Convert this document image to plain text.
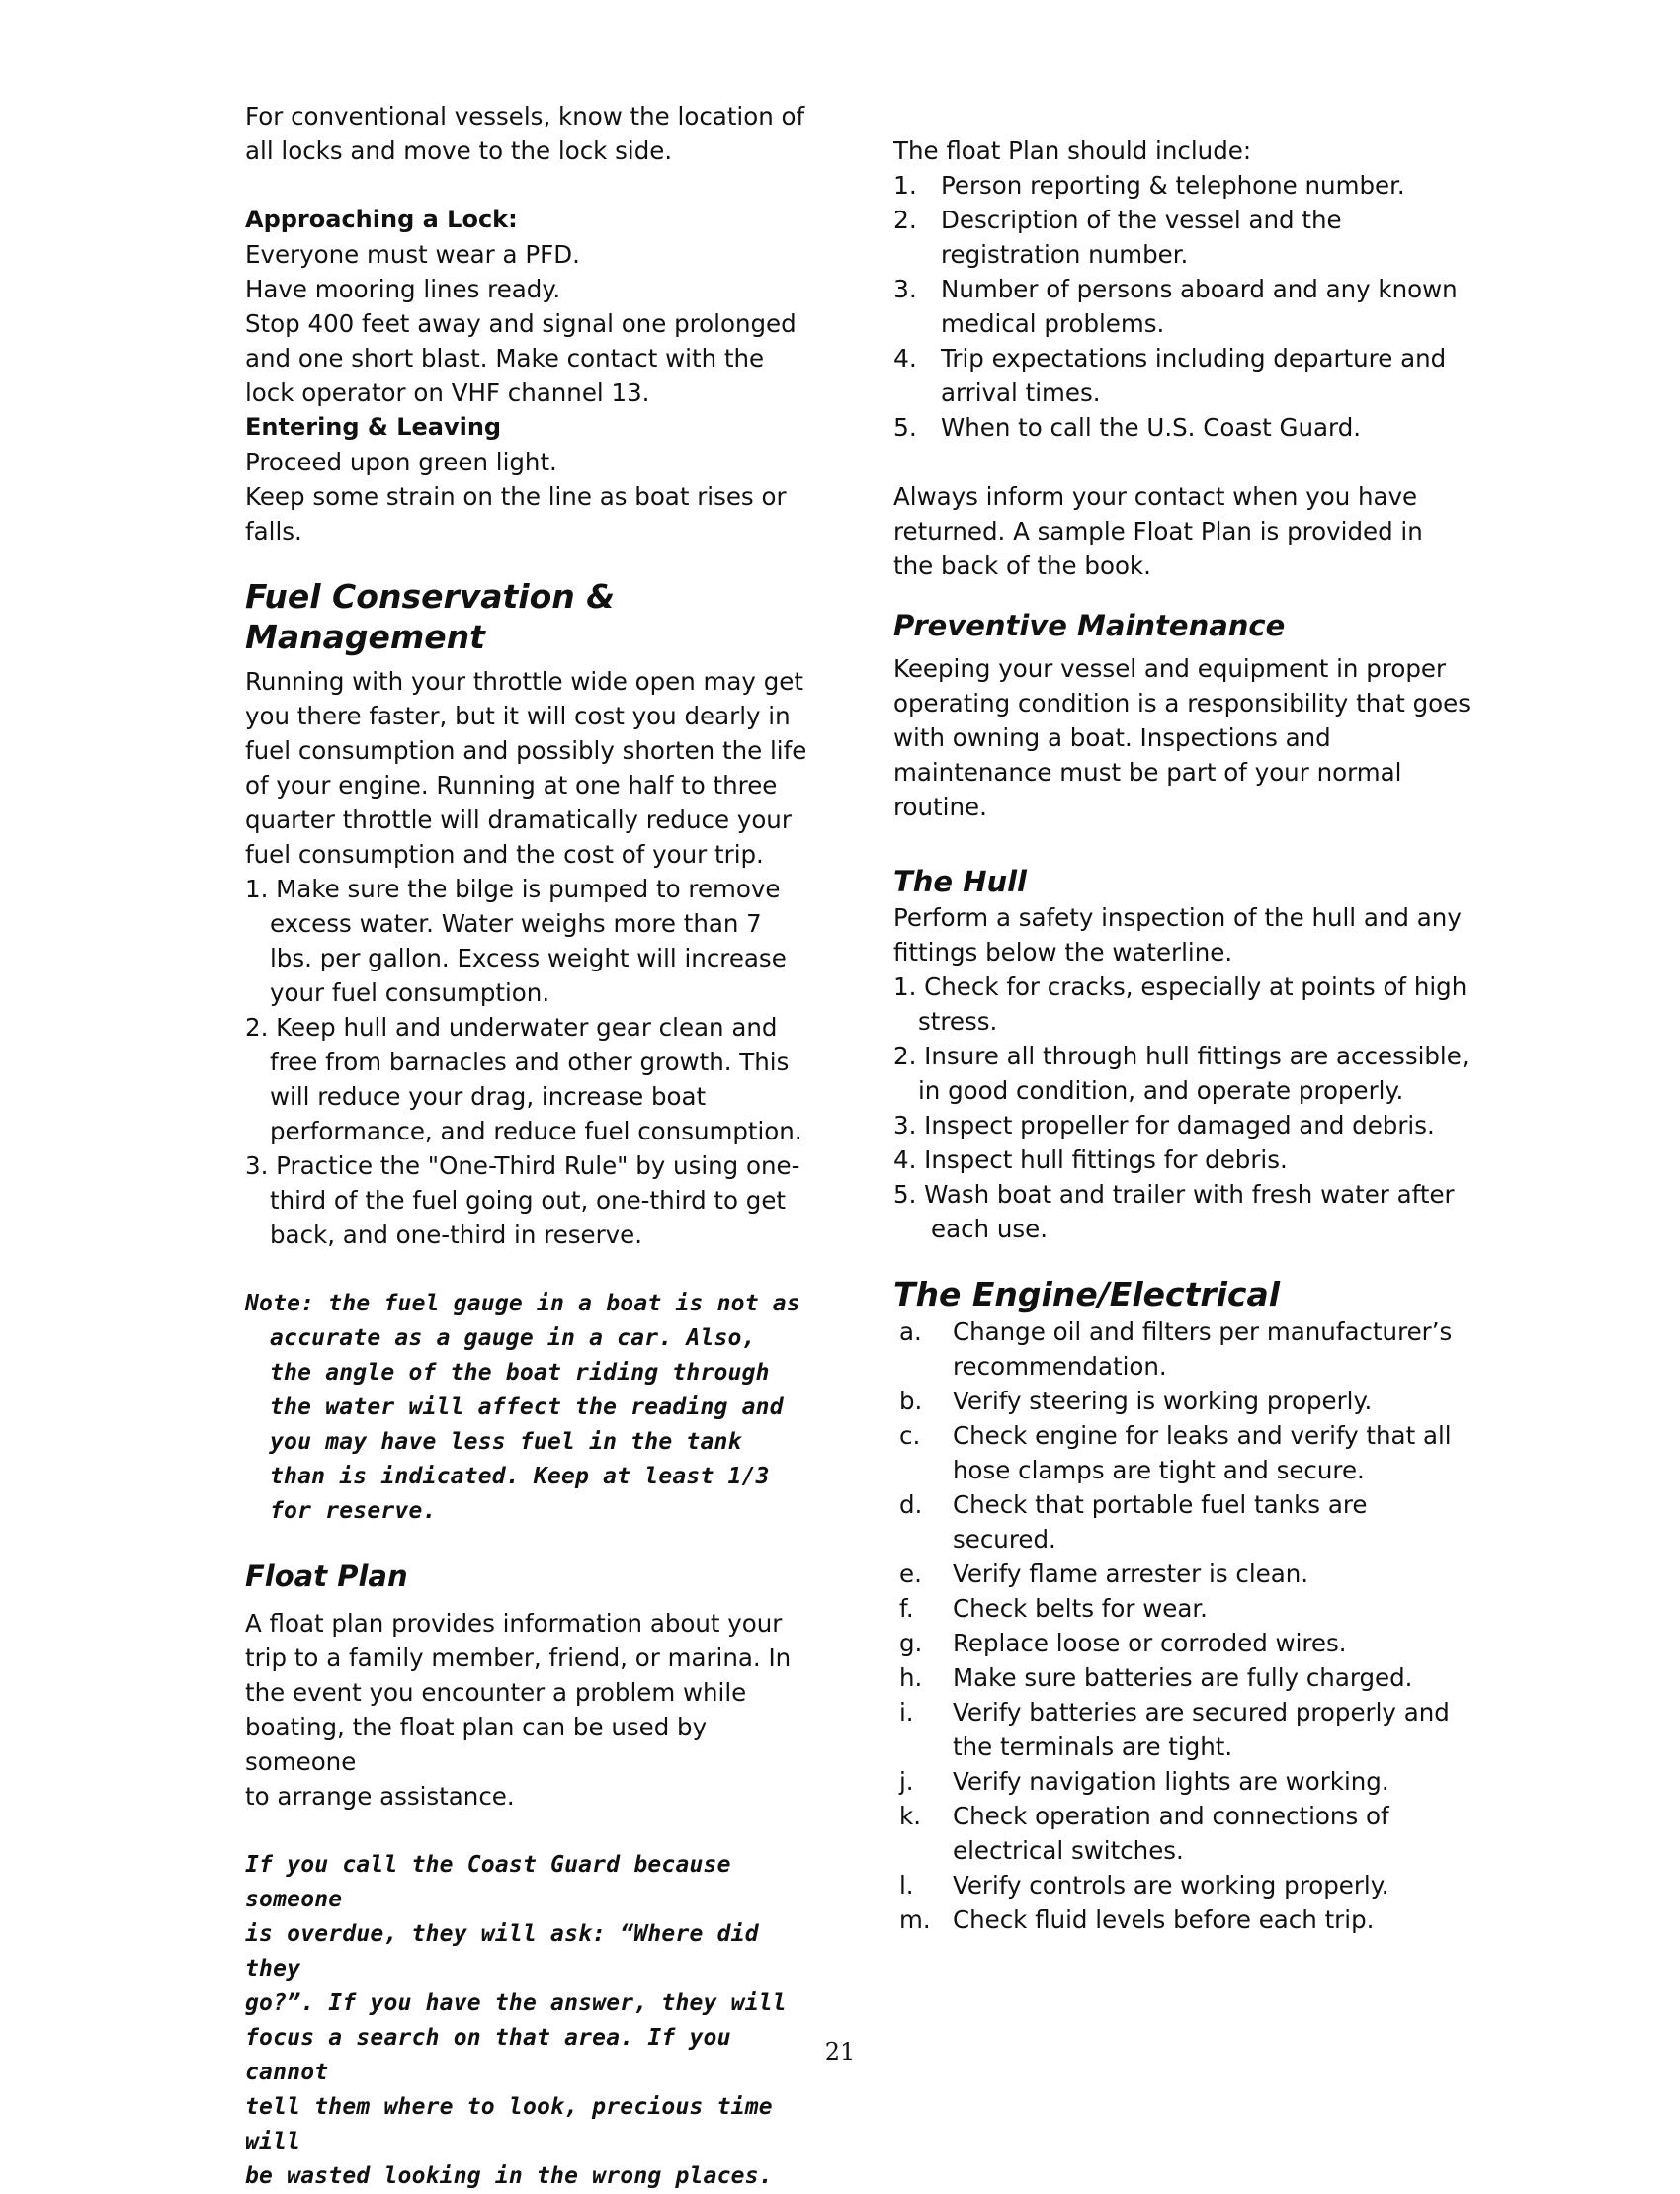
For conventional vessels, know the location of

all locks and move to the lock side.

Approaching a Lock:

Everyone must wear a PFD.

Have mooring lines ready.

Stop 400 feet away and signal one prolonged

and one short blast. Make contact with the

lock operator on VHF channel 13.

Entering & Leaving

Proceed upon green light.

Keep some strain on the line as boat rises or

falls.

Fuel Conservation & Management

Running with your throttle wide open may get

you there faster, but it will cost you dearly in

fuel consumption and possibly shorten the life

of your engine. Running at one half to three

quarter throttle will dramatically reduce your

fuel consumption and the cost of your trip.

1. Make sure the bilge is pumped to remove excess water. Water weighs more than 7 lbs. per gallon. Excess weight will increase your fuel consumption.
2. Keep hull and underwater gear clean and free from barnacles and other growth. This will reduce your drag, increase boat performance, and reduce fuel consumption.
3. Practice the "One-Third Rule" by using one-third of the fuel going out, one-third to get back, and one-third in reserve.

Note: the fuel gauge in a boat is not as accurate as a gauge in a car. Also, the angle of the boat riding through the water will affect the reading and you may have less fuel in the tank than is indicated. Keep at least 1/3 for reserve.

Float Plan

A float plan provides information about your

trip to a family member, friend, or marina. In

the event you encounter a problem while

boating, the float plan can be used by someone

to arrange assistance.

If you call the Coast Guard because someone

is overdue, they will ask: “Where did they

go?”. If you have the answer, they will

focus a search on that area. If you cannot

tell them where to look, precious time will

be wasted looking in the wrong places.

The float Plan should include:

1. Person reporting & telephone number.
2. Description of the vessel and the registration number.
3. Number of persons aboard and any known medical problems.
4. Trip expectations including departure and arrival times.
5. When to call the U.S. Coast Guard.

Always inform your contact when you have

returned. A sample Float Plan is provided in

the back of the book.

Preventive Maintenance

Keeping your vessel and equipment in proper

operating condition is a responsibility that goes

with owning a boat. Inspections and

maintenance must be part of your normal

routine.

The Hull

Perform a safety inspection of the hull and any

fittings below the waterline.

1. Check for cracks, especially at points of high stress.
2. Insure all through hull fittings are accessible, in good condition, and operate properly.
3. Inspect propeller for damaged and debris.
4. Inspect hull fittings for debris.
5. Wash boat and trailer with fresh water after each use.
The Engine/Electrical
a.	Change oil and filters per manufacturer’s recommendation.
b.	Verify steering is working properly.
c.	Check engine for leaks and verify that all hose clamps are tight and secure.
d.	Check that portable fuel tanks are secured.
e.	Verify flame arrester is clean.
f.	Check belts for wear.
g.	Replace loose or corroded wires.
h.	Make sure batteries are fully charged.
i.	Verify batteries are secured properly and the terminals are tight.
j.	Verify navigation lights are working.
k.	Check operation and connections of electrical switches.
l.	Verify controls are working properly.
m. Check fluid levels before each trip.
21
